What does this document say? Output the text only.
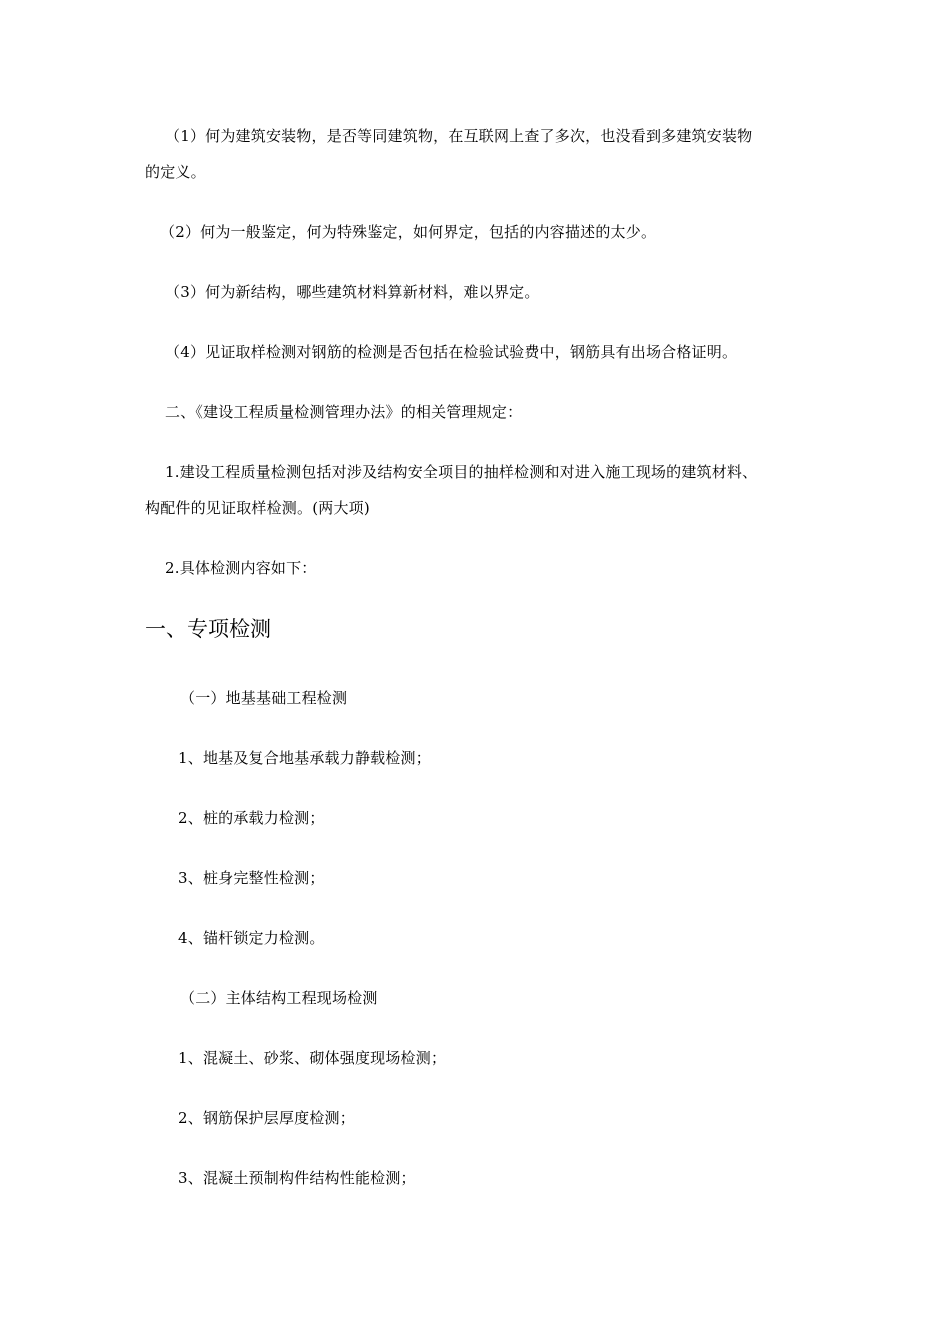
（1）何为建筑安装物，是否等同建筑物，在互联网上查了多次，也没看到多建筑安装物
的定义。
（2）何为一般鉴定，何为特殊鉴定，如何界定，包括的内容描述的太少。
（3）何为新结构，哪些建筑材料算新材料，难以界定。
（4）见证取样检测对钢筋的检测是否包括在检验试验费中，钢筋具有出场合格证明。
二、《建设工程质量检测管理办法》的相关管理规定：
1.建设工程质量检测包括对涉及结构安全项目的抽样检测和对进入施工现场的建筑材料、
构配件的见证取样检测。(两大项)
2.具体检测内容如下：
一、专项检测
（一）地基基础工程检测
1、地基及复合地基承载力静载检测；
2、桩的承载力检测；
3、桩身完整性检测；
4、锚杆锁定力检测。
（二）主体结构工程现场检测
1、混凝土、砂浆、砌体强度现场检测；
2、钢筋保护层厚度检测；
3、混凝土预制构件结构性能检测；
